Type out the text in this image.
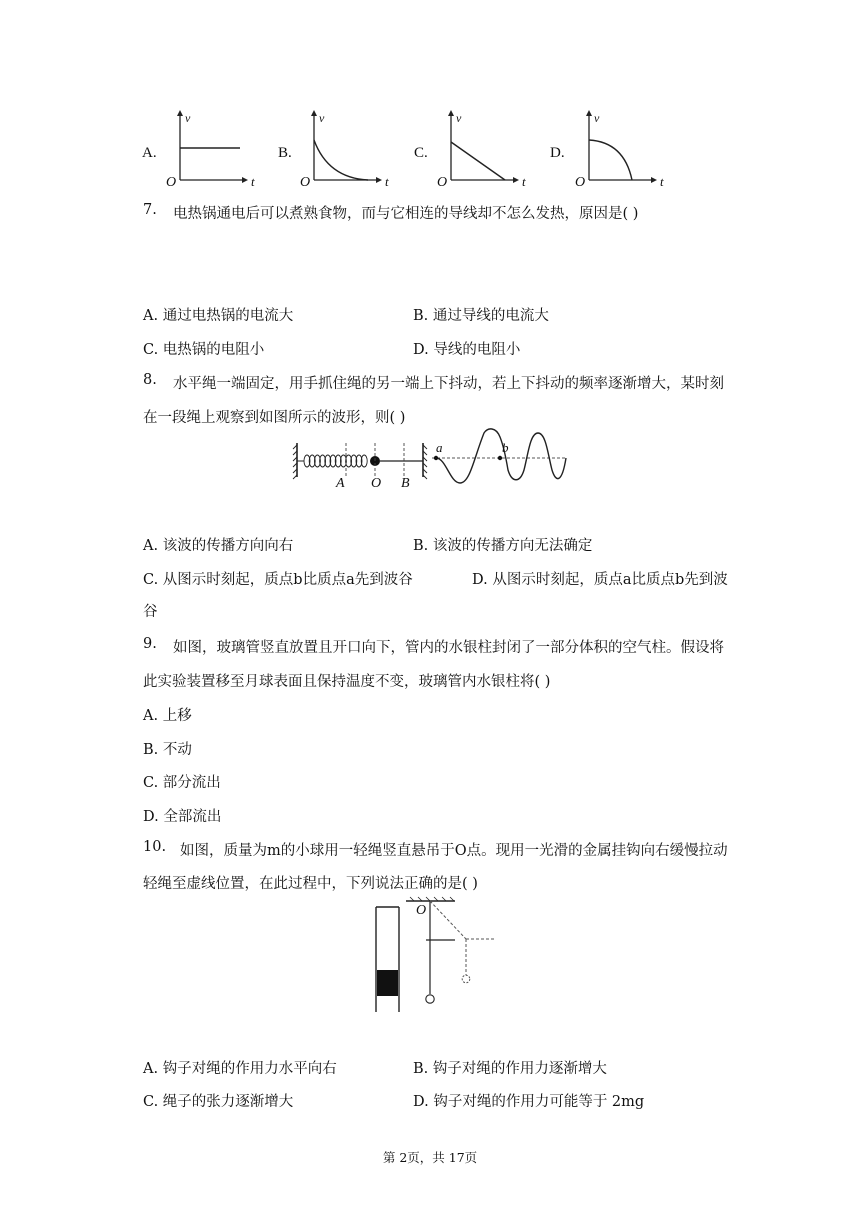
A.
v
t
O
B.
v
t
O
C.
v
t
O
D.
v
t
O
7. 电热锅通电后可以煮熟食物，而与它相连的导线却不怎么发热，原因是( )
A. 通过电热锅的电流大	B. 通过导线的电流大
C. 电热锅的电阻小	D. 导线的电阻小
8. 水平绳一端固定，用手抓住绳的另一端上下抖动，若上下抖动的频率逐渐增大，某时刻
在一段绳上观察到如图所示的波形，则( )
A O B
a	b
A. 该波的传播方向向右	B. 该波的传播方向无法确定
C. 从图示时刻起，质点b比质点a先到波谷	D. 从图示时刻起，质点a比质点b先到波
谷
9. 如图，玻璃管竖直放置且开口向下，管内的水银柱封闭了一部分体积的空气柱。假设将
此实验装置移至月球表面且保持温度不变，玻璃管内水银柱将( )
A. 上移
B. 不动
C. 部分流出
D. 全部流出
10. 如图，质量为m的小球用一轻绳竖直悬吊于O点。现用一光滑的金属挂钩向右缓慢拉动
轻绳至虚线位置，在此过程中，下列说法正确的是( )
O
A. 钩子对绳的作用力水平向右	B. 钩子对绳的作用力逐渐增大
C. 绳子的张力逐渐增大	D. 钩子对绳的作用力可能等于 2mg
第 2页，共 17页
